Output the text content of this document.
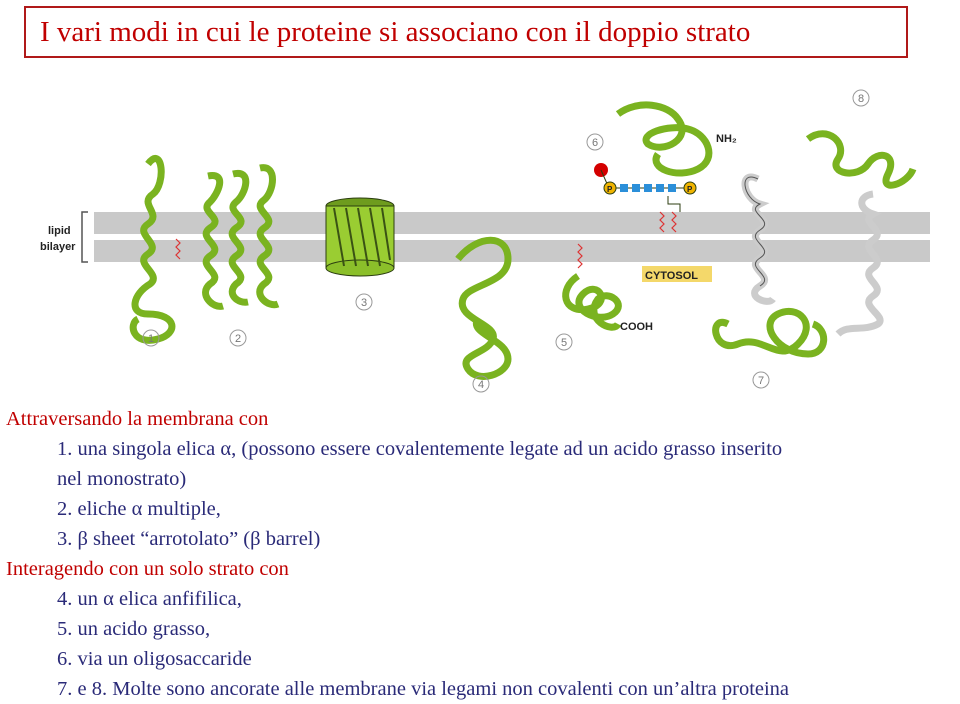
I vari modi in cui le proteine si associano con il doppio strato
lipid
bilayer
1	2
3
4
COOH
5
P	P
NH₂
CYTOSOL
6
7
8
Attraversando la membrana con
1. una singola elica α, (possono essere covalentemente legate ad un acido grasso inserito
nel monostrato)
2. eliche α multiple,
3. β sheet “arrotolato” (β barrel)
Interagendo con un solo strato con
4. un α elica anfifilica,
5. un acido grasso,
6. via un oligosaccaride
7. e 8. Molte sono ancorate alle membrane via legami non covalenti con un’altra proteina
